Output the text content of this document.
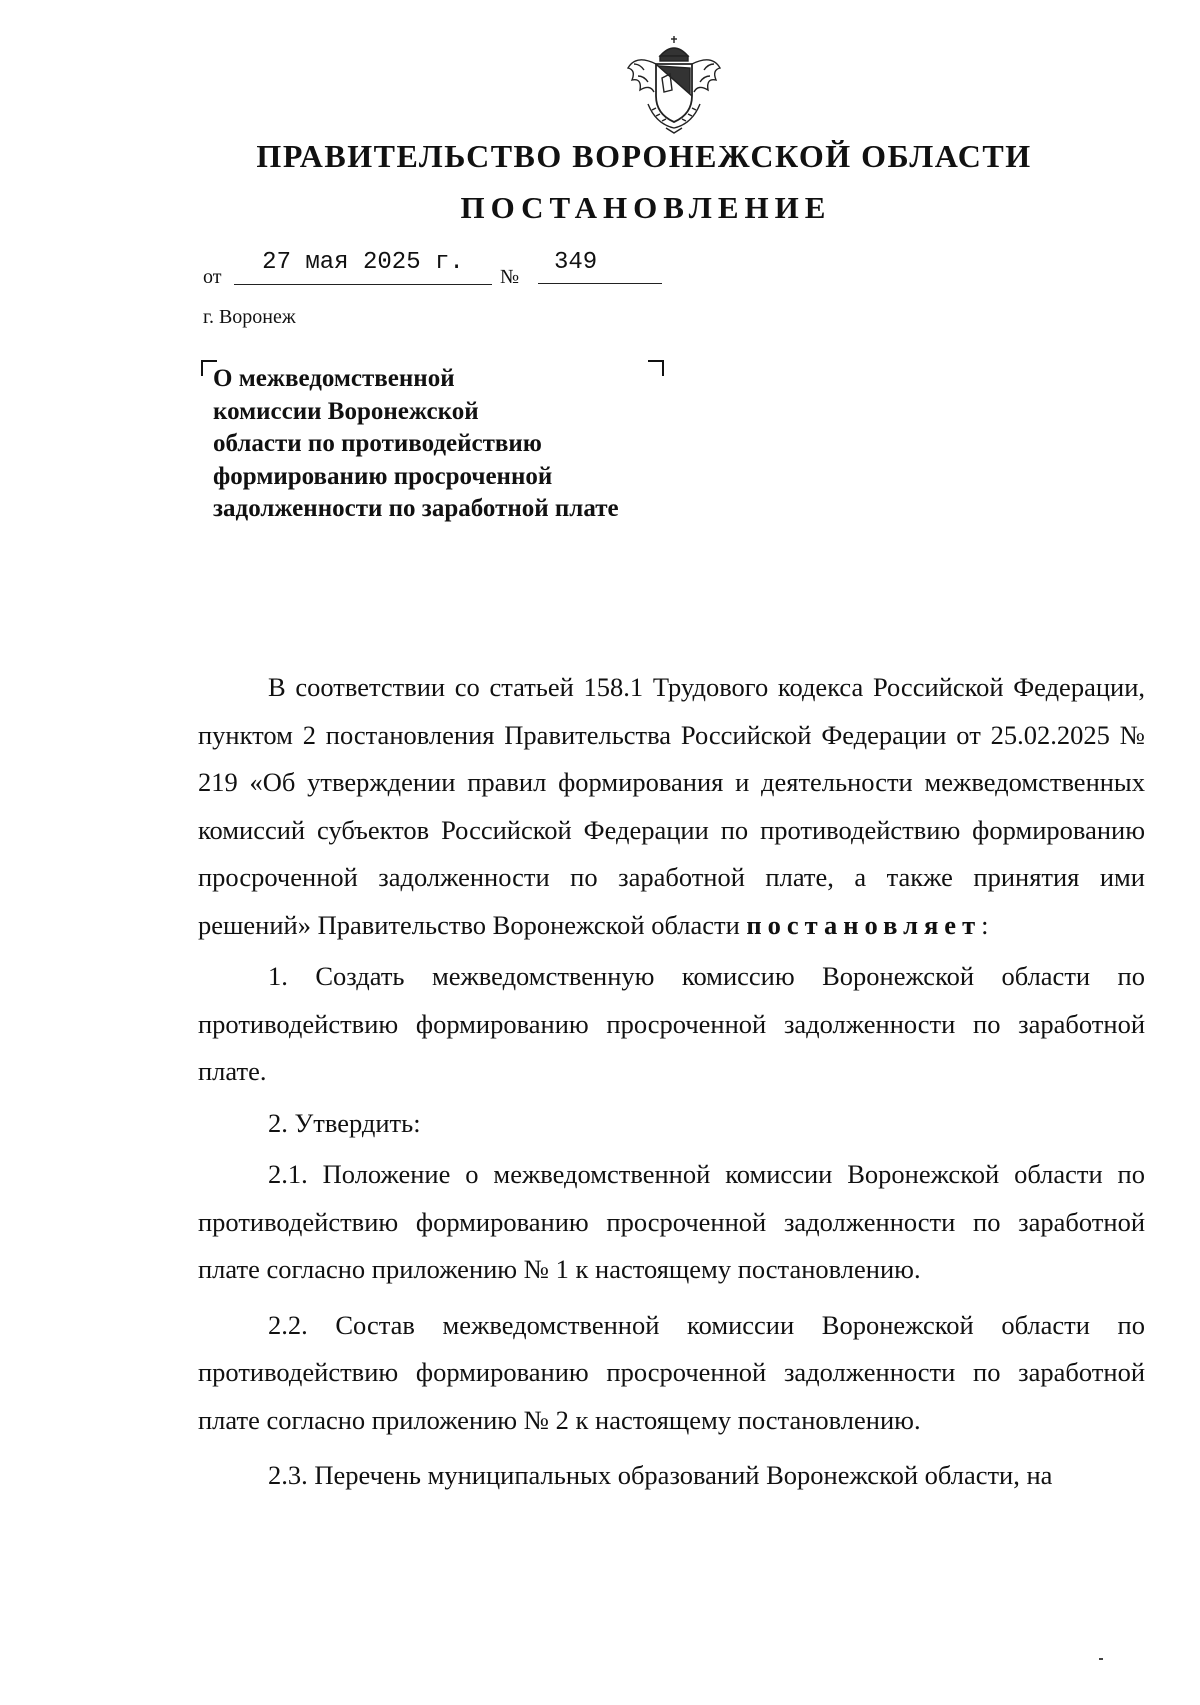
ПРАВИТЕЛЬСТВО ВОРОНЕЖСКОЙ ОБЛАСТИ
ПОСТАНОВЛЕНИЕ
от
27 мая 2025 г.
№
349
г. Воронеж
О межведомственной
комиссии Воронежской
области по противодействию
формированию просроченной
задолженности по заработной плате

В соответствии со статьей 158.1 Трудового кодекса Российской Федерации, пунктом 2 постановления Правительства Российской Федерации от 25.02.2025 № 219 «Об утверждении правил формирования и деятельности межведомственных комиссий субъектов Российской Федерации по противодействию формированию просроченной задолженности по заработной плате, а также принятия ими решений» Правительство Воронежской области постановляет:

1. Создать межведомственную комиссию Воронежской области по противодействию формированию просроченной задолженности по заработной плате.

2. Утвердить:

2.1. Положение о межведомственной комиссии Воронежской области по противодействию формированию просроченной задолженности по заработной плате согласно приложению № 1 к настоящему постановлению.

2.2. Состав межведомственной комиссии Воронежской области по противодействию формированию просроченной задолженности по заработной плате согласно приложению № 2 к настоящему постановлению.

2.3. Перечень муниципальных образований Воронежской области, на
